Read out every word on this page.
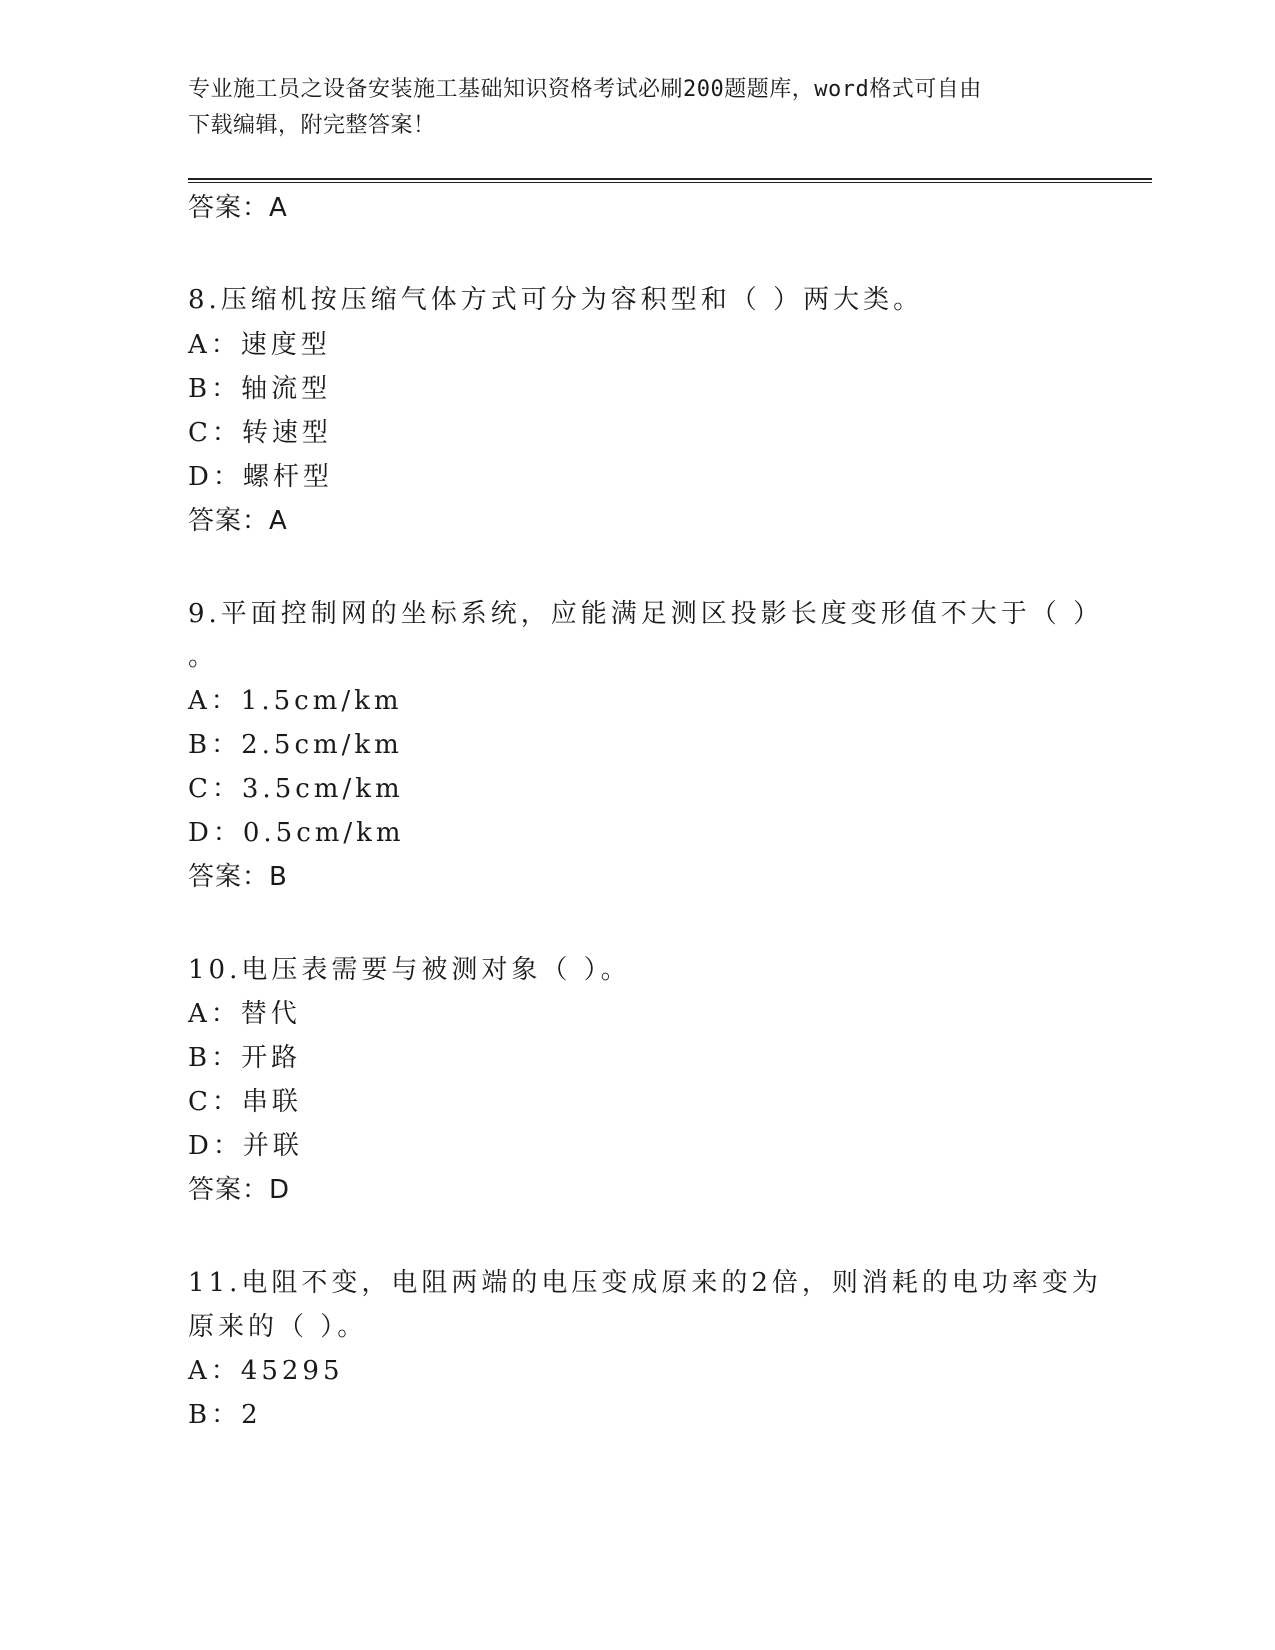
专业施工员之设备安装施工基础知识资格考试必刷200题题库，word格式可自由
下载编辑，附完整答案！
答案：A
8.压缩机按压缩气体方式可分为容积型和（ ）两大类。
A：速度型
B：轴流型
C：转速型
D：螺杆型
答案：A
9.平面控制网的坐标系统，应能满足测区投影长度变形值不大于（ ）
。
A：1.5cm/km
B：2.5cm/km
C：3.5cm/km
D：0.5cm/km
答案：B
10.电压表需要与被测对象（ ）。
A：替代
B：开路
C：串联
D：并联
答案：D
11.电阻不变，电阻两端的电压变成原来的2倍，则消耗的电功率变为
原来的（ ）。
A：45295
B：2
